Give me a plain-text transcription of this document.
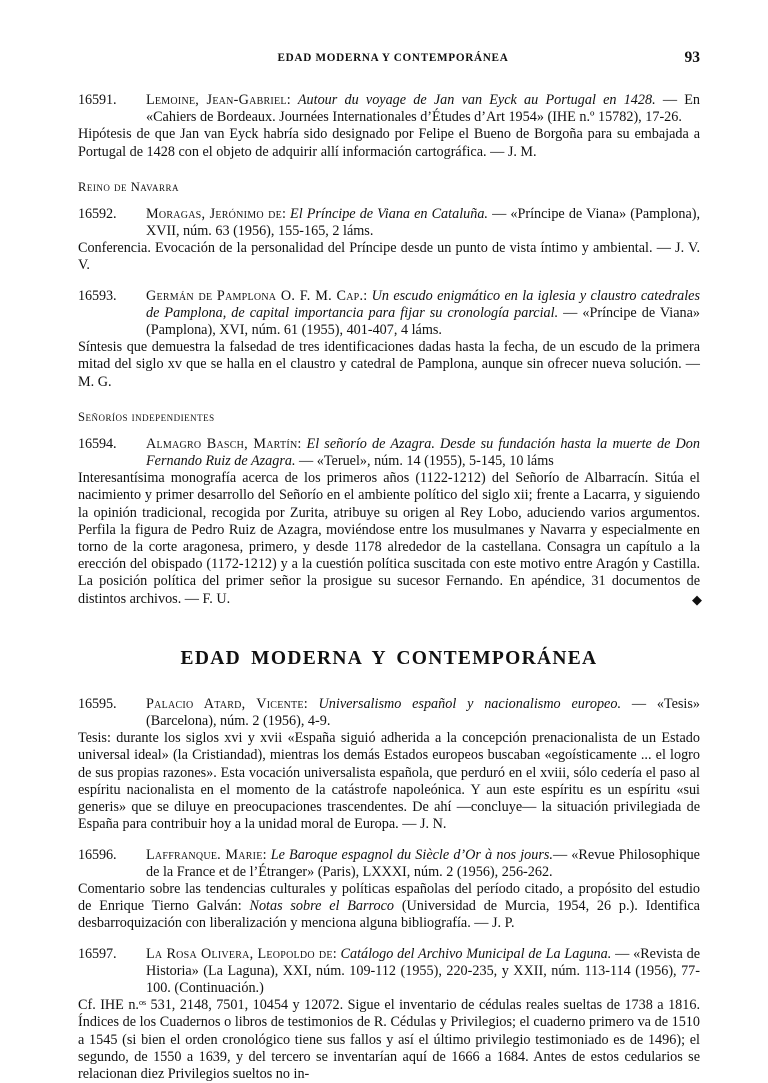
EDAD MODERNA Y CONTEMPORÁNEA	93

16591. Lemoine, Jean-Gabriel: Autour du voyage de Jan van Eyck au Portugal en 1428. — En «Cahiers de Bordeaux. Journées Internationales d’Études d’Art 1954» (IHE n.º 15782), 17-26.

Hipótesis de que Jan van Eyck habría sido designado por Felipe el Bueno de Borgoña para su embajada a Portugal de 1428 con el objeto de adquirir allí información cartográfica. — J. M.

Reino de Navarra

16592. Moragas, Jerónimo de: El Príncipe de Viana en Cataluña. — «Príncipe de Viana» (Pamplona), XVII, núm. 63 (1956), 155-165, 2 láms.

Conferencia. Evocación de la personalidad del Príncipe desde un punto de vista íntimo y ambiental. — J. V. V.

16593. Germán de Pamplona O. F. M. Cap.: Un escudo enigmático en la iglesia y claustro catedrales de Pamplona, de capital importancia para fijar su cronología parcial. — «Príncipe de Viana» (Pamplona), XVI, núm. 61 (1955), 401-407, 4 láms.

Síntesis que demuestra la falsedad de tres identificaciones dadas hasta la fecha, de un escudo de la primera mitad del siglo xv que se halla en el claustro y catedral de Pamplona, aunque sin ofrecer nueva solución. — M. G.

Señoríos independientes

16594. Almagro Basch, Martín: El señorío de Azagra. Desde su fundación hasta la muerte de Don Fernando Ruiz de Azagra. — «Teruel», núm. 14 (1955), 5-145, 10 láms

Interesantísima monografía acerca de los primeros años (1122-1212) del Señorío de Albarracín. Sitúa el nacimiento y primer desarrollo del Señorío en el ambiente político del siglo xii; frente a Lacarra, y siguiendo la opinión tradicional, recogida por Zurita, atribuye su origen al Rey Lobo, aduciendo varios argumentos. Perfila la figura de Pedro Ruiz de Azagra, moviéndose entre los musulmanes y Navarra y especialmente en torno de la corte aragonesa, primero, y desde 1178 alrededor de la castellana. Consagra un capítulo a la erección del obispado (1172-1212) y a la cuestión política suscitada con este motivo entre Aragón y Castilla. La posición política del primer señor la prosigue su sucesor Fernando. En apéndice, 31 documentos de distintos archivos. — F. U.	◆

EDAD MODERNA Y CONTEMPORÁNEA

16595. Palacio Atard, Vicente: Universalismo español y nacionalismo europeo. — «Tesis» (Barcelona), núm. 2 (1956), 4-9.

Tesis: durante los siglos xvi y xvii «España siguió adherida a la concepción prenacionalista de un Estado universal ideal» (la Cristiandad), mientras los demás Estados europeos buscaban «egoísticamente ... el logro de sus propias razones». Esta vocación universalista española, que perduró en el xviii, sólo cedería el paso al espíritu nacionalista en el momento de la catástrofe napoleónica. Y aun este espíritu es un espíritu «sui generis» que se diluye en preocupaciones trascendentes. De ahí —concluye— la situación privilegiada de España para contribuir hoy a la unidad moral de Europa. — J. N.

16596. Laffranque. Marie: Le Baroque espagnol du Siècle d’Or à nos jours.— «Revue Philosophique de la France et de l’Étranger» (Paris), LXXXI, núm. 2 (1956), 256-262.

Comentario sobre las tendencias culturales y políticas españolas del período citado, a propósito del estudio de Enrique Tierno Galván: Notas sobre el Barroco (Universidad de Murcia, 1954, 26 p.). Identifica desbarroquización con liberalización y menciona alguna bibliografía. — J. P.

16597. La Rosa Olivera, Leopoldo de: Catálogo del Archivo Municipal de La Laguna. — «Revista de Historia» (La Laguna), XXI, núm. 109-112 (1955), 220-235, y XXII, núm. 113-114 (1956), 77-100. (Continuación.)

Cf. IHE n.ᵒˢ 531, 2148, 7501, 10454 y 12072. Sigue el inventario de cédulas reales sueltas de 1738 a 1816. Índices de los Cuadernos o libros de testimonios de R. Cédulas y Privilegios; el cuaderno primero va de 1510 a 1545 (si bien el orden cronológico tiene sus fallos y así el último privilegio testimoniado es de 1496); el segundo, de 1550 a 1639, y del tercero se inventarían aquí de 1666 a 1684. Antes de estos cedularios se relacionan diez Privilegios sueltos no in-
